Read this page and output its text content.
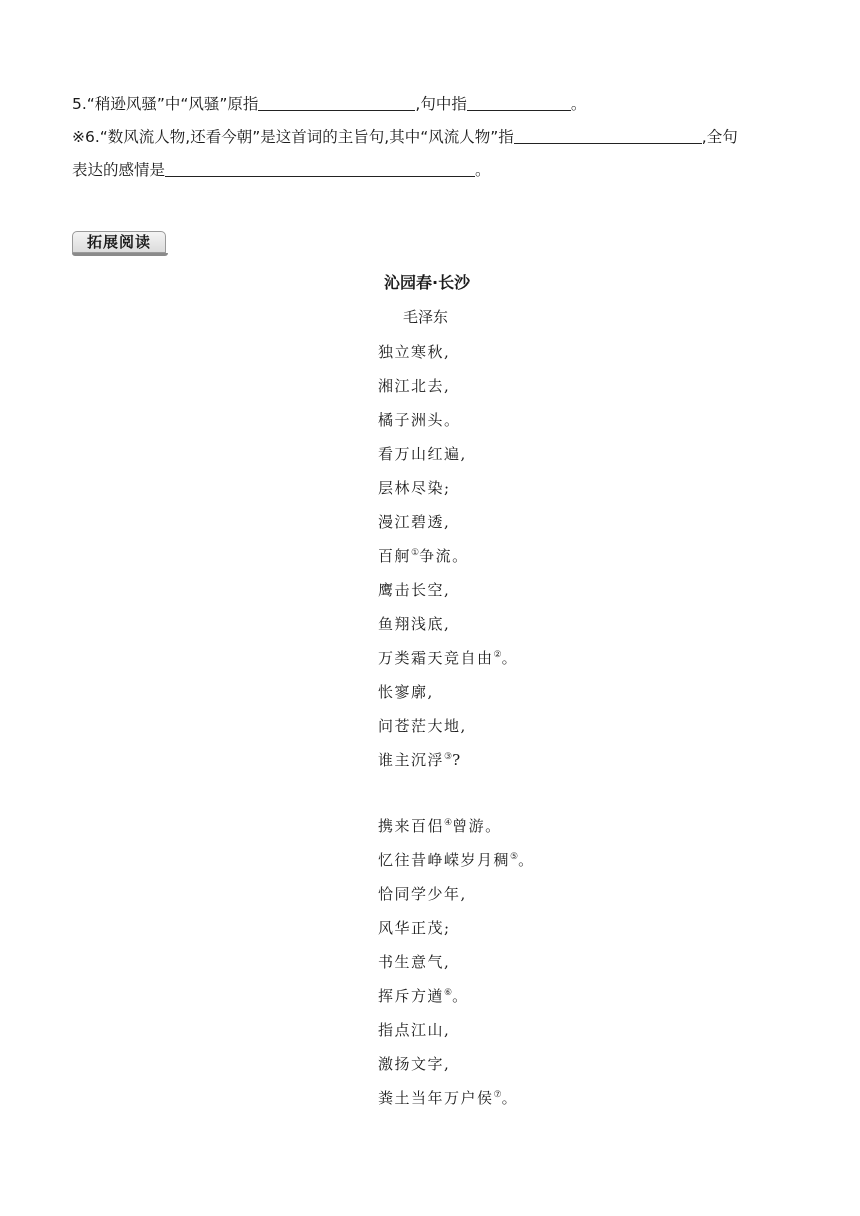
5.“稍逊风骚”中“风骚”原指	,句中指	。
※6.“数风流人物,还看今朝”是这首词的主旨句,其中“风流人物”指	,全句
表达的感情是	。
拓展阅读
沁园春·长沙
毛泽东
独立寒秋,
湘江北去,
橘子洲头。
看万山红遍,
层林尽染;
漫江碧透,
百舸①争流。
鹰击长空,
鱼翔浅底,
万类霜天竞自由②。
怅寥廓,
问苍茫大地,
谁主沉浮③?
携来百侣④曾游。
忆往昔峥嵘岁月稠⑤。
恰同学少年,
风华正茂;
书生意气,
挥斥方遒⑥。
指点江山,
激扬文字,
粪土当年万户侯⑦。
